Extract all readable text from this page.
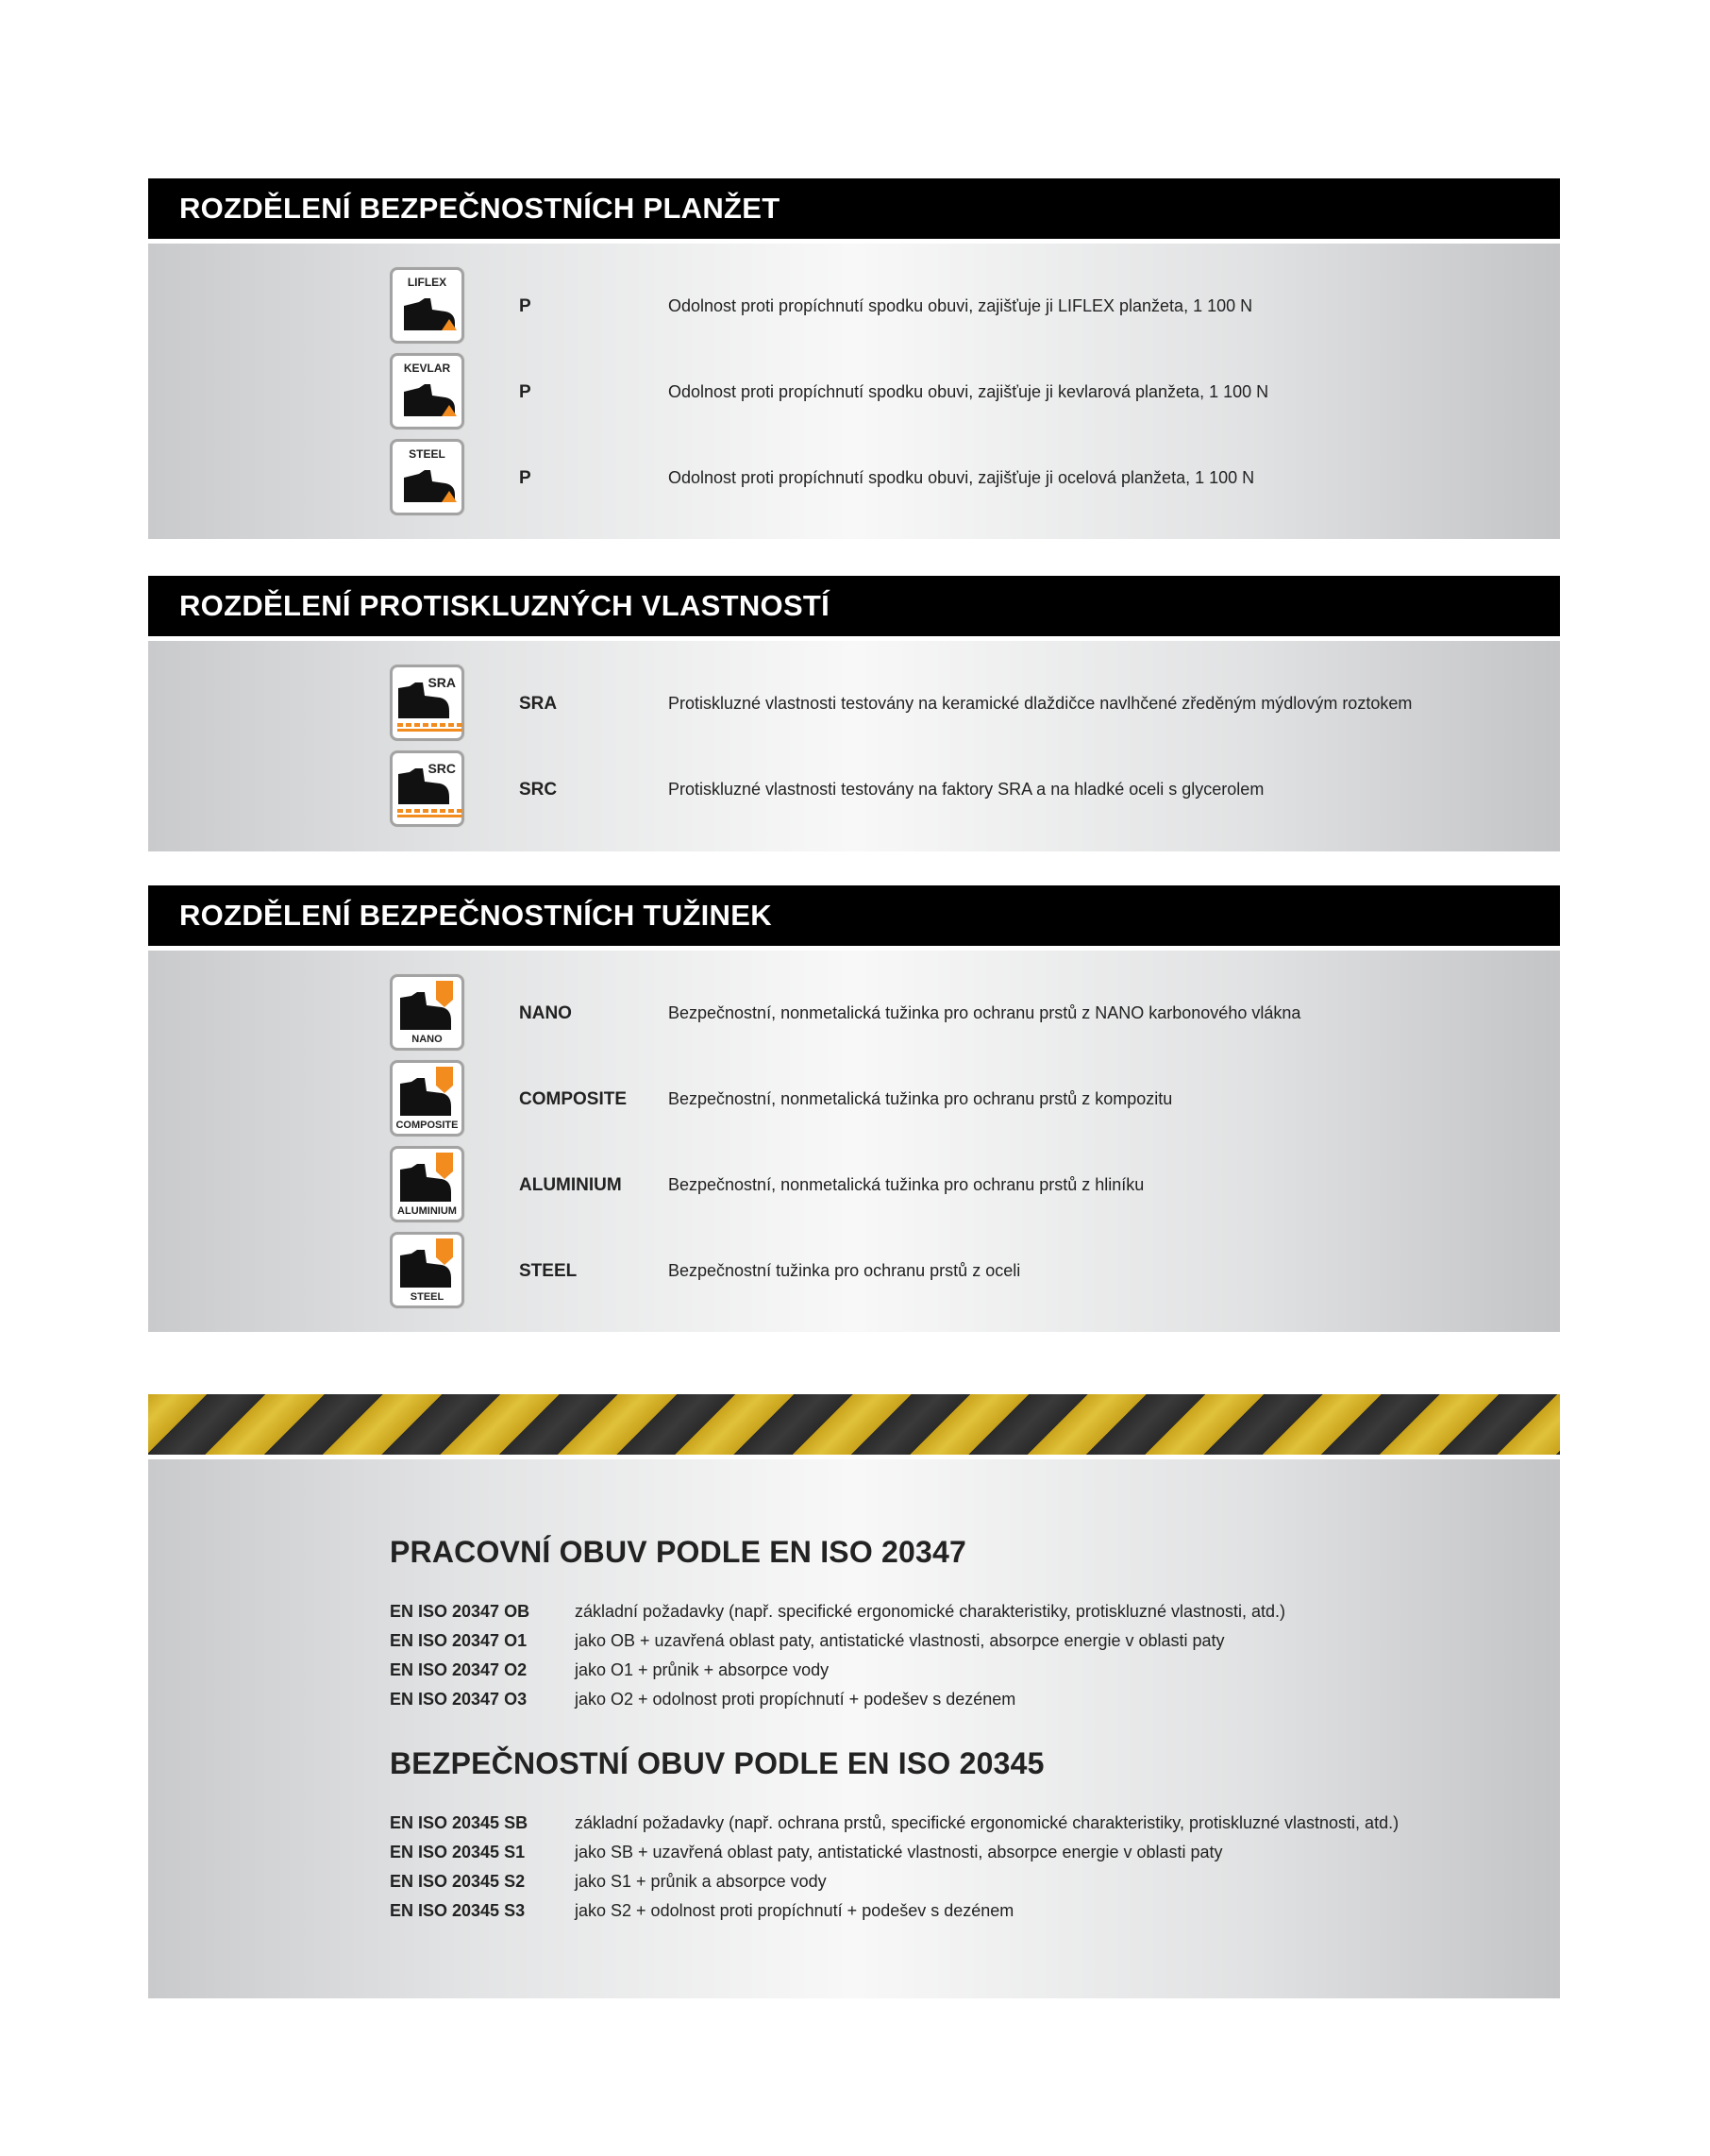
ROZDĚLENÍ BEZPEČNOSTNÍCH PLANŽET
LIFLEX
P	Odolnost proti propíchnutí spodku obuvi, zajišťuje ji LIFLEX planžeta, 1 100 N
KEVLAR
P	Odolnost proti propíchnutí spodku obuvi, zajišťuje ji kevlarová planžeta, 1 100 N
STEEL
P	Odolnost proti propíchnutí spodku obuvi, zajišťuje ji ocelová planžeta, 1 100 N
ROZDĚLENÍ PROTISKLUZNÝCH VLASTNOSTÍ
SRA
SRA	Protiskluzné vlastnosti testovány na keramické dlaždičce navlhčené zředěným mýdlovým roztokem
SRC
SRC	Protiskluzné vlastnosti testovány na faktory SRA a na hladké oceli s glycerolem
ROZDĚLENÍ BEZPEČNOSTNÍCH TUŽINEK
NANO
NANO	Bezpečnostní, nonmetalická tužinka pro ochranu prstů z NANO karbonového vlákna
COMPOSITE
COMPOSITE Bezpečnostní, nonmetalická tužinka pro ochranu prstů z kompozitu
ALUMINIUM
ALUMINIUM	Bezpečnostní, nonmetalická tužinka pro ochranu prstů z hliníku
STEEL
STEEL	Bezpečnostní tužinka pro ochranu prstů z oceli
PRACOVNÍ OBUV PODLE EN ISO 20347
EN ISO 20347 OB	základní požadavky (např. specifické ergonomické charakteristiky, protiskluzné vlastnosti, atd.)
EN ISO 20347 O1	jako OB + uzavřená oblast paty, antistatické vlastnosti, absorpce energie v oblasti paty
EN ISO 20347 O2	jako O1 + průnik + absorpce vody
EN ISO 20347 O3	jako O2 + odolnost proti propíchnutí + podešev s dezénem
BEZPEČNOSTNÍ OBUV PODLE EN ISO 20345
EN ISO 20345 SB	základní požadavky (např. ochrana prstů, specifické ergonomické charakteristiky, protiskluzné vlastnosti, atd.)
EN ISO 20345 S1	jako SB + uzavřená oblast paty, antistatické vlastnosti, absorpce energie v oblasti paty
EN ISO 20345 S2	jako S1 + průnik a absorpce vody
EN ISO 20345 S3	jako S2 + odolnost proti propíchnutí + podešev s dezénem
